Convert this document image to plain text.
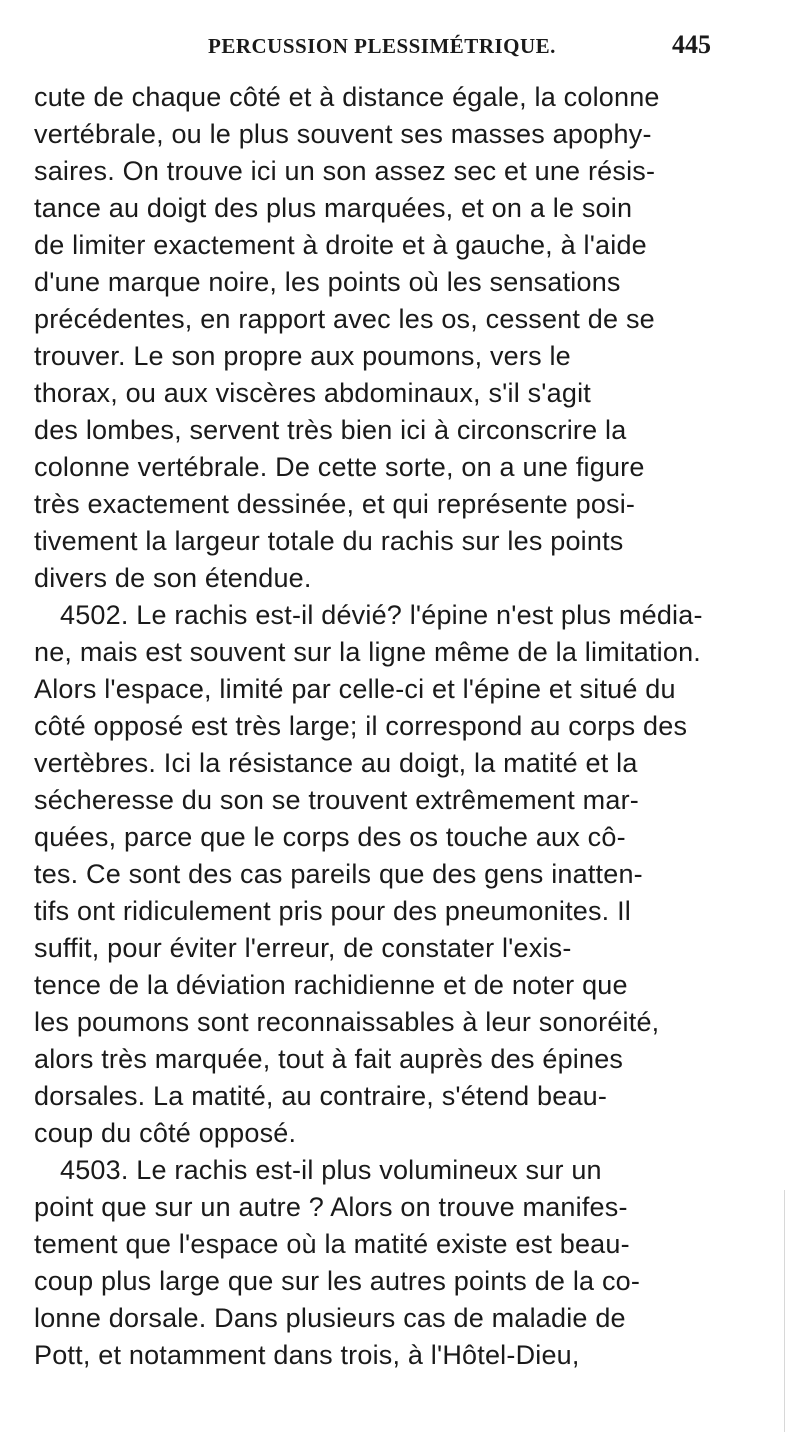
PERCUSSION PLESSIMÉTRIQUE.	445
cute de chaque côté et à distance égale, la colonne
vertébrale, ou le plus souvent ses masses apophy-
saires. On trouve ici un son assez sec et une résis-
tance au doigt des plus marquées, et on a le soin
de limiter exactement à droite et à gauche, à l'aide
d'une marque noire, les points où les sensations
précédentes, en rapport avec les os, cessent de se
trouver. Le son propre aux poumons, vers le
thorax, ou aux viscères abdominaux, s'il s'agit
des lombes, servent très bien ici à circonscrire la
colonne vertébrale. De cette sorte, on a une figure
très exactement dessinée, et qui représente posi-
tivement la largeur totale du rachis sur les points
divers de son étendue.
4502. Le rachis est-il dévié? l'épine n'est plus média-
ne, mais est souvent sur la ligne même de la limitation.
Alors l'espace, limité par celle-ci et l'épine et situé du
côté opposé est très large; il correspond au corps des
vertèbres. Ici la résistance au doigt, la matité et la
sécheresse du son se trouvent extrêmement mar-
quées, parce que le corps des os touche aux cô-
tes. Ce sont des cas pareils que des gens inatten-
tifs ont ridiculement pris pour des pneumonites. Il
suffit, pour éviter l'erreur, de constater l'exis-
tence de la déviation rachidienne et de noter que
les poumons sont reconnaissables à leur sonoréité,
alors très marquée, tout à fait auprès des épines
dorsales. La matité, au contraire, s'étend beau-
coup du côté opposé.
4503. Le rachis est-il plus volumineux sur un
point que sur un autre ? Alors on trouve manifes-
tement que l'espace où la matité existe est beau-
coup plus large que sur les autres points de la co-
lonne dorsale. Dans plusieurs cas de maladie de
Pott, et notamment dans trois, à l'Hôtel-Dieu,
